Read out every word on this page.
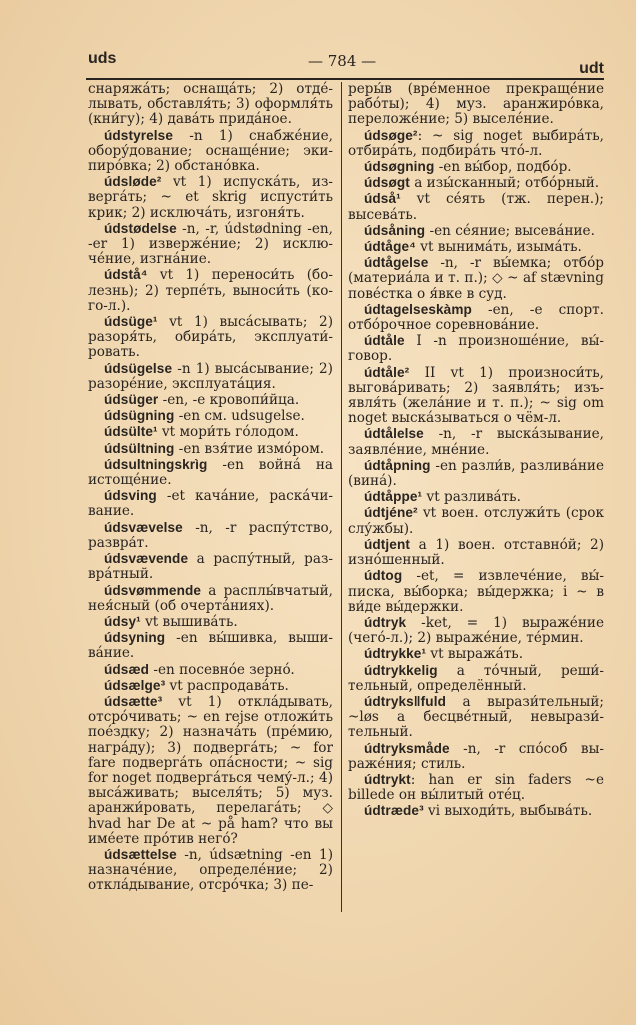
uds	— 784 —	udt

снаряжáть; оснащáть; 2) отдéлывать, обставля́ть; 3) оформля́ть (кни́гу); 4) давáть придáное.

údstyrelse -n 1) снабжéние, обору́дование; оснащéние; экипирóвка; 2) обстанóвка.

údsløde² vt 1) испускáть, извергáть; ~ et skrig испусти́ть крик; 2) исключáть, изгоня́ть.

údstødelse -n, -r, údstødning -en, -er 1) извержéние; 2) исключéние, изгнáние.

údstå⁴ vt 1) переноси́ть (болезнь); 2) терпéть, выноси́ть (кого-л.).

údsüge¹ vt 1) высáсывать; 2) разоря́ть, обирáть, эксплуати́ровать.

údsügelse -n 1) высáсывание; 2) разорéние, эксплуатáция.

údsüger -en, -e кровопи́йца.

údsügning -en см. udsugelse.

údsülte¹ vt мори́ть гóлодом.

údsültning -en взя́тие измóром.

údsultningskrìg -en войнá на истощéние.

údsving -et качáние, раскáчивание.

údsvævelse -n, -r распу́тство, развра́т.

údsvævende a распу́тный, разврáтный.

údsvømmende a расплы́вчатый, нея́сный (об очертáниях).

údsy¹ vt вышивáть.

údsyning -en вы́шивка, вышивáние.

údsæd -en посевнóе зернó.

údsælge³ vt распродавáть.

údsætte³ vt 1) отклáдывать, отсрóчивать; ~ en rejse отложи́ть поéздку; 2) назначáть (прéмию, нагрáду); 3) подвергáть; ~ for fare подвергáть опáсности; ~ sig for noget подвергáться чему́-л.; 4) высáживать; выселя́ть; 5) муз. аранжи́ровать, перелагáть; ◇ hvad har De at ~ på ham? что вы имéете прóтив негó?

údsættelse -n, údsætning -en 1) назначéние, определéние; 2) отклáдывание, отсрóчка; 3) пе-

реры́в (врéменное прекращéние рабóты); 4) муз. аранжирóвка, переложéние; 5) выселéние.

údsøge²: ~ sig noget выбирáть, отбирáть, подбирáть чтó-л.

údsøgning -en вы́бор, подбóр.

údsøgt a изы́сканный; отбóрный.

údså¹ vt сéять (тж. перен.); высевáть.

údsåning -en сéяние; высевáние.

údtåge⁴ vt вынимáть, изымáть.

údtågelse -n, -r вы́емка; отбóр (материáла и т. п.); ◇ ~ af stævning повéстка о я́вке в суд.

údtagelseskàmp -en, -e спорт. отбóрочное соревновáние.

údtåle I -n произношéние, вы́говор.

údtåle² II vt 1) произноси́ть, выговáривать; 2) заявля́ть; изъявля́ть (желáние и т. п.); ~ sig om noget выскáзываться о чём-л.

údtålelse -n, -r выскáзывание, заявлéние, мнéние.

údtåpning -en разли́в, разливáние (винá).

údtåppe¹ vt разливáть.

údtjéne² vt воен. отслужи́ть (срок слу́жбы).

údtjent a 1) воен. отставнóй; 2) изнóшенный.

údtog -et, = извлечéние, вы́писка, вы́борка; вы́держка; i ~ в ви́де вы́держки.

údtryk -ket, = 1) выражéние (чегó-л.); 2) выражéние, тéрмин.

údtrykke¹ vt выражáть.

údtrykkelig a тóчный, реши́тельный, определённый.

údtryks‖fuld a вырази́тельный; ~løs a бесцвéтный, невырази́тельный.

údtryksmåde -n, -r спóсоб выражéния; стиль.

údtrykt: han er sin faders ~e billede он вы́литый отéц.

údtræde³ vi выходи́ть, выбывáть.
